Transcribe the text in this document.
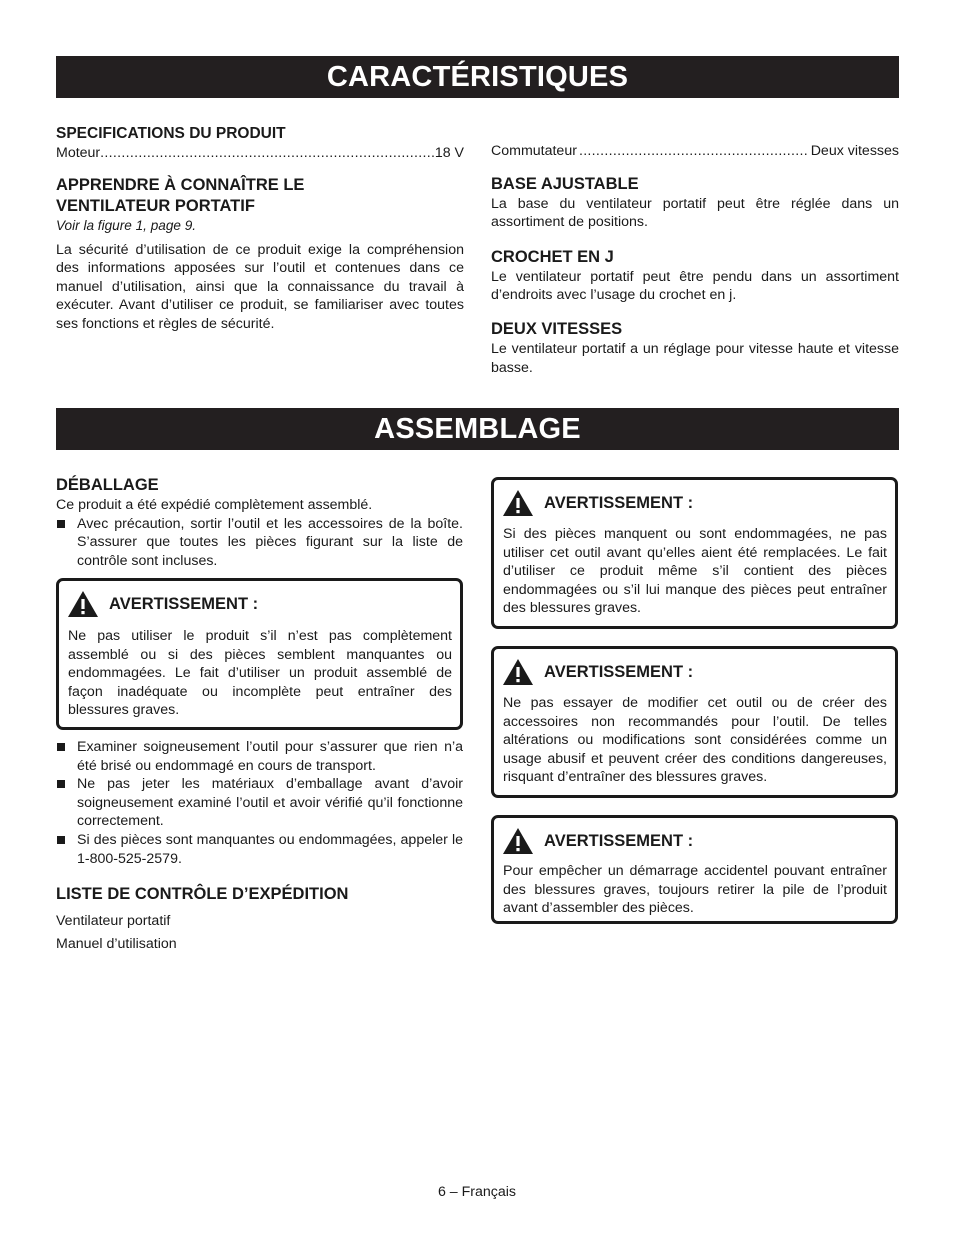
CARACTÉRISTIQUES
SPECIFICATIONS DU PRODUIT
Moteur .....	18 V
APPRENDRE À CONNAÎTRE LE
VENTILATEUR PORTATIF

Voir la figure 1, page 9.

La sécurité d’utilisation de ce produit exige la compréhension des informations apposées sur l’outil et contenues dans ce manuel d’utilisation, ainsi que la connaissance du travail à exécuter. Avant d’utiliser ce produit, se familiariser avec toutes ses fonctions et règles de sécurité.

Commutateur .....	Deux vitesses
BASE AJUSTABLE

La base du ventilateur portatif peut être réglée dans un assortiment de positions.

CROCHET EN J

Le ventilateur portatif peut être pendu dans un assortiment d’endroits avec l’usage du crochet en j.

DEUX VITESSES

Le ventilateur portatif a un réglage pour vitesse haute et vitesse basse.

ASSEMBLAGE
DÉBALLAGE

Ce produit a été expédié complètement assemblé.

Avec précaution, sortir l’outil et les accessoires de la boîte. S’assurer que toutes les pièces figurant sur la liste de contrôle sont incluses.
AVERTISSEMENT :

Ne pas utiliser le produit s’il n’est pas complètement assemblé ou si des pièces semblent manquantes ou endommagées. Le fait d’utiliser un produit assemblé de façon inadéquate ou incomplète peut entraîner des blessures graves.

Examiner soigneusement l’outil pour s’assurer que rien n’a été brisé ou endommagé en cours de transport.
Ne pas jeter les matériaux d’emballage avant d’avoir soigneusement examiné l’outil et avoir vérifié qu’il fonctionne correctement.
Si des pièces sont manquantes ou endommagées, appeler le 1-800-525-2579.
LISTE DE CONTRÔLE D’EXPÉDITION

Ventilateur portatif

Manuel d’utilisation

AVERTISSEMENT :

Si des pièces manquent ou sont endommagées, ne pas utiliser cet outil avant qu’elles aient été remplacées. Le fait d’utiliser ce produit même s’il contient des pièces endommagées ou s’il lui manque des pièces peut entraîner des blessures graves.

AVERTISSEMENT :

Ne pas essayer de modifier cet outil ou de créer des accessoires non recommandés pour l’outil. De telles altérations ou modifications sont considérées comme un usage abusif et peuvent créer des conditions dangereuses, risquant d’entraîner des blessures graves.

AVERTISSEMENT :

Pour empêcher un démarrage accidentel pouvant entraîner des blessures graves, toujours retirer la pile de l’produit avant d’assembler des pièces.

6 – Français
